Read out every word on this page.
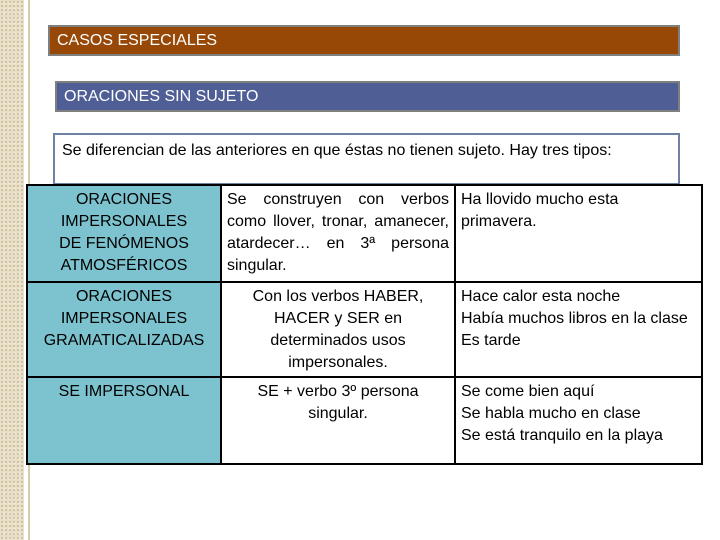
CASOS ESPECIALES
ORACIONES SIN SUJETO
Se diferencian de las anteriores en que éstas no tienen sujeto. Hay tres tipos:
ORACIONES
IMPERSONALES
DE FENÓMENOS
ATMOSFÉRICOS	Se construyen con verbos como llover, tronar, amanecer, atardecer… en 3ª persona singular.	Ha llovido mucho esta primavera.
ORACIONES
IMPERSONALES
GRAMATICALIZADAS	Con los verbos HABER, HACER y SER en determinados usos impersonales.	Hace calor esta noche
Había muchos libros en la clase
Es tarde
SE IMPERSONAL	SE + verbo 3º persona singular.	Se come bien aquí
Se habla mucho en clase
Se está tranquilo en la playa
